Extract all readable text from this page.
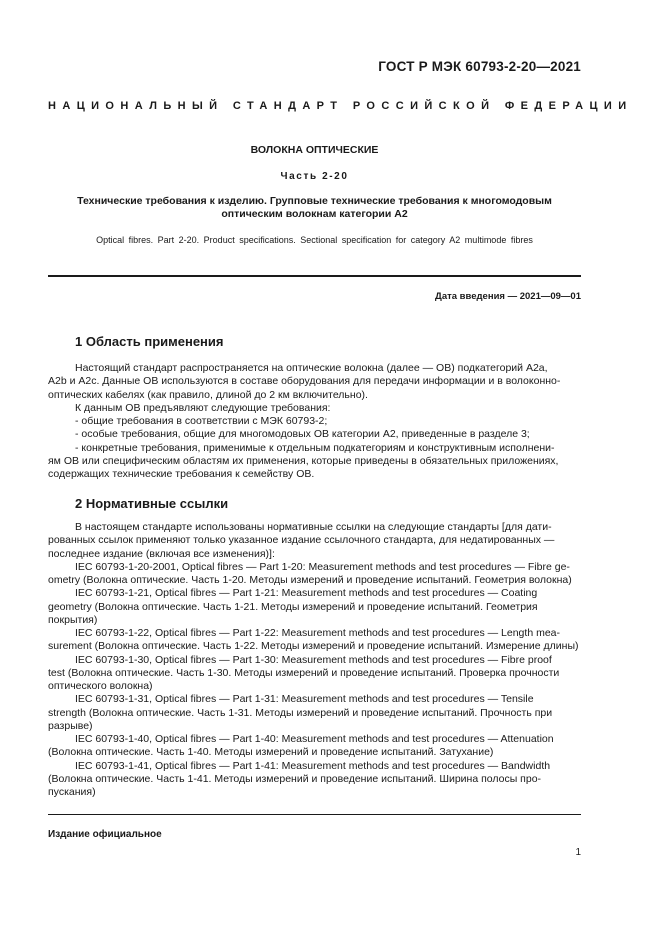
ГОСТ Р МЭК 60793-2-20—2021
НАЦИОНАЛЬНЫЙ СТАНДАРТ РОССИЙСКОЙ ФЕДЕРАЦИИ
ВОЛОКНА ОПТИЧЕСКИЕ
Часть 2-20
Технические требования к изделию. Групповые технические требования к многомодовым
оптическим волокнам категории А2
Optical fibres. Part 2-20. Product specifications. Sectional specification for category A2 multimode fibres
Дата введения — 2021—09—01
1 Область применения

Настоящий стандарт распространяется на оптические волокна (далее — ОВ) подкатегорий A2a,

A2b и A2c. Данные ОВ используются в составе оборудования для передачи информации и в волоконно-

оптических кабелях (как правило, длиной до 2 км включительно).

К данным ОВ предъявляют следующие требования:

- общие требования в соответствии с МЭК 60793-2;

- особые требования, общие для многомодовых ОВ категории А2, приведенные в разделе 3;

- конкретные требования, применимые к отдельным подкатегориям и конструктивным исполнени-

ям ОВ или специфическим областям их применения, которые приведены в обязательных приложениях,

содержащих технические требования к семейству ОВ.

2 Нормативные ссылки

В настоящем стандарте использованы нормативные ссылки на следующие стандарты [для дати-

рованных ссылок применяют только указанное издание ссылочного стандарта, для недатированных —

последнее издание (включая все изменения)]:

IEC 60793-1-20-2001, Optical fibres — Part 1-20: Measurement methods and test procedures — Fibre ge-

ometry (Волокна оптические. Часть 1-20. Методы измерений и проведение испытаний. Геометрия волокна)

IEC 60793-1-21, Optical fibres — Part 1-21: Measurement methods and test procedures — Coating

geometry (Волокна оптические. Часть 1-21. Методы измерений и проведение испытаний. Геометрия

покрытия)

IEC 60793-1-22, Optical fibres — Part 1-22: Measurement methods and test procedures — Length mea-

surement (Волокна оптические. Часть 1-22. Методы измерений и проведение испытаний. Измерение длины)

IEC 60793-1-30, Optical fibres — Part 1-30: Measurement methods and test procedures — Fibre proof

test (Волокна оптические. Часть 1-30. Методы измерений и проведение испытаний. Проверка прочности

оптического волокна)

IEC 60793-1-31, Optical fibres — Part 1-31: Measurement methods and test procedures — Tensile

strength (Волокна оптические. Часть 1-31. Методы измерений и проведение испытаний. Прочность при

разрыве)

IEC 60793-1-40, Optical fibres — Part 1-40: Measurement methods and test procedures — Attenuation

(Волокна оптические. Часть 1-40. Методы измерений и проведение испытаний. Затухание)

IEC 60793-1-41, Optical fibres — Part 1-41: Measurement methods and test procedures — Bandwidth

(Волокна оптические. Часть 1-41. Методы измерений и проведение испытаний. Ширина полосы про-

пускания)

Издание официальное
1
